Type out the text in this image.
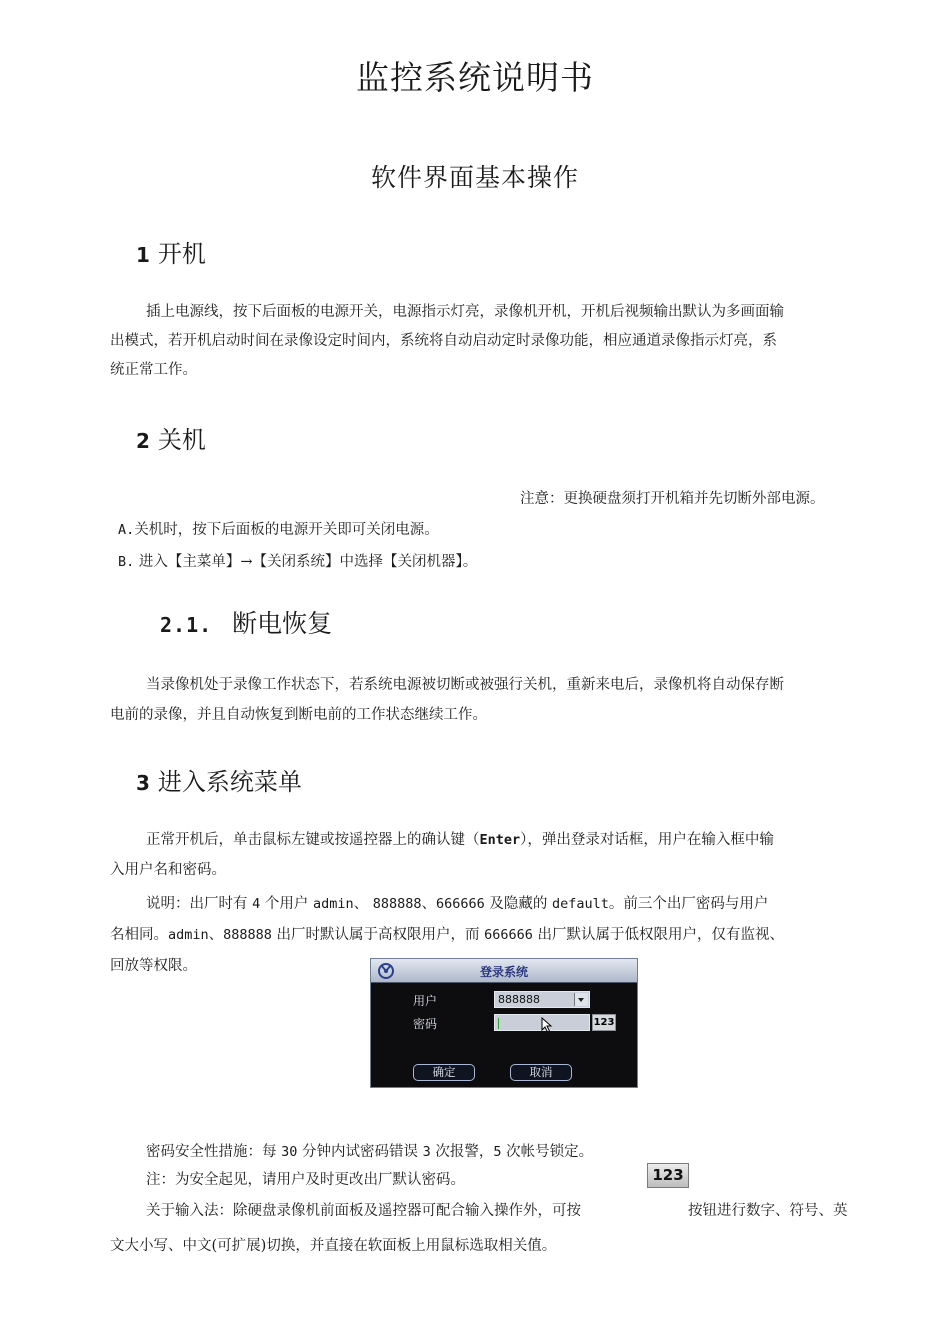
监控系统说明书
软件界面基本操作
1 开机
插上电源线，按下后面板的电源开关，电源指示灯亮，录像机开机，开机后视频输出默认为多画面输
出模式，若开机启动时间在录像设定时间内，系统将自动启动定时录像功能，相应通道录像指示灯亮，系
统正常工作。
2 关机
注意：更换硬盘须打开机箱并先切断外部电源。
A.关机时，按下后面板的电源开关即可关闭电源。
B. 进入【主菜单】→【关闭系统】中选择【关闭机器】。
2.1. 断电恢复
当录像机处于录像工作状态下，若系统电源被切断或被强行关机，重新来电后，录像机将自动保存断
电前的录像，并且自动恢复到断电前的工作状态继续工作。
3 进入系统菜单
正常开机后，单击鼠标左键或按遥控器上的确认键（Enter），弹出登录对话框，用户在输入框中输
入用户名和密码。
说明：出厂时有 4 个用户 admin、 888888、666666 及隐藏的 default。前三个出厂密码与用户
名相同。admin、888888 出厂时默认属于高权限用户，而 666666 出厂默认属于低权限用户，仅有监视、
回放等权限。	登录系统
用户	888888
密码	123
确定	取消
密码安全性措施：每 30 分钟内试密码错误 3 次报警，5 次帐号锁定。
注：为安全起见，请用户及时更改出厂默认密码。	123
关于输入法：除硬盘录像机前面板及遥控器可配合输入操作外，可按	按钮进行数字、符号、英
文大小写、中文(可扩展)切换，并直接在软面板上用鼠标选取相关值。
